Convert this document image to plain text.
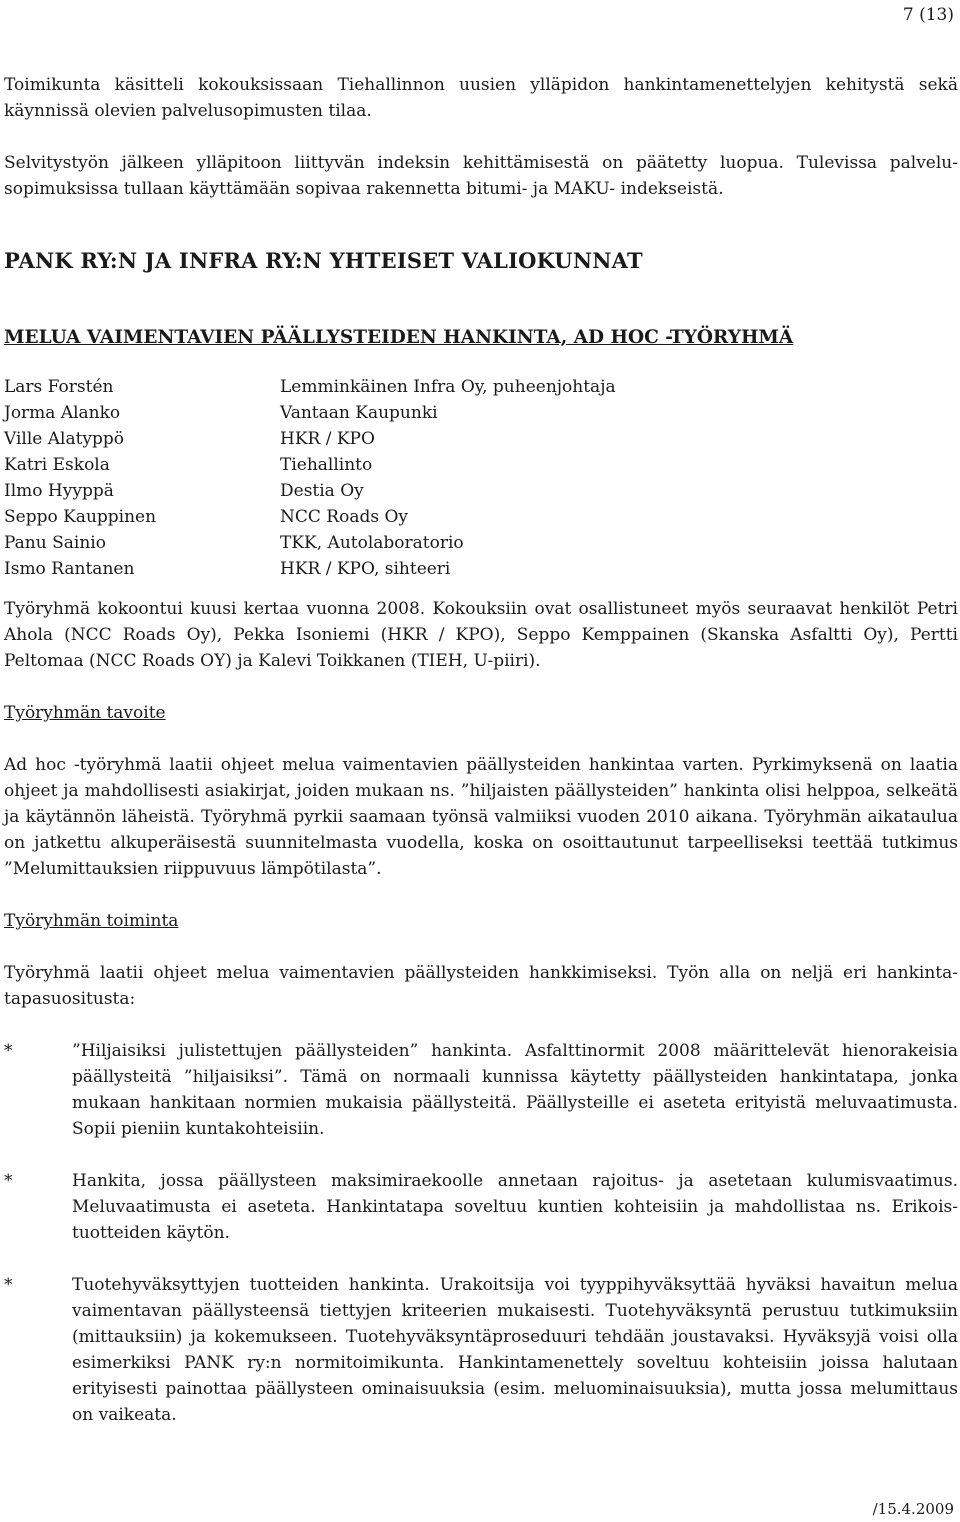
7 (13)

Toimikunta käsitteli kokouksissaan Tiehallinnon uusien ylläpidon hankintamenettelyjen kehitystä sekä käynnissä olevien palvelusopimusten tilaa.

Selvitystyön jälkeen ylläpitoon liittyvän indeksin kehittämisestä on päätetty luopua. Tulevissa palvelu-sopimuksissa tullaan käyttämään sopivaa rakennetta bitumi- ja MAKU- indekseistä.

PANK RY:N JA INFRA RY:N YHTEISET VALIOKUNNAT
MELUA VAIMENTAVIEN PÄÄLLYSTEIDEN HANKINTA, AD HOC -TYÖRYHMÄ
Lars Forstén	Lemminkäinen Infra Oy, puheenjohtaja
Jorma Alanko	Vantaan Kaupunki
Ville Alatyppö	HKR / KPO
Katri Eskola	Tiehallinto
Ilmo Hyyppä	Destia Oy
Seppo Kauppinen	NCC Roads Oy
Panu Sainio	TKK, Autolaboratorio
Ismo Rantanen	HKR / KPO, sihteeri

Työryhmä kokoontui kuusi kertaa vuonna 2008. Kokouksiin ovat osallistuneet myös seuraavat henkilöt Petri Ahola (NCC Roads Oy), Pekka Isoniemi (HKR / KPO), Seppo Kemppainen (Skanska Asfaltti Oy), Pertti Peltomaa (NCC Roads OY) ja Kalevi Toikkanen (TIEH, U-piiri).

Työryhmän tavoite

Ad hoc -työryhmä laatii ohjeet melua vaimentavien päällysteiden hankintaa varten. Pyrkimyksenä on laatia ohjeet ja mahdollisesti asiakirjat, joiden mukaan ns. ”hiljaisten päällysteiden” hankinta olisi helppoa, selkeätä ja käytännön läheistä. Työryhmä pyrkii saamaan työnsä valmiiksi vuoden 2010 aikana. Työryhmän aikataulua on jatkettu alkuperäisestä suunnitelmasta vuodella, koska on osoittautunut tarpeelliseksi teettää tutkimus ”Melumittauksien riippuvuus lämpötilasta”.

Työryhmän toiminta

Työryhmä laatii ohjeet melua vaimentavien päällysteiden hankkimiseksi. Työn alla on neljä eri hankinta-tapasuositusta:

*	”Hiljaisiksi julistettujen päällysteiden” hankinta. Asfalttinormit 2008 määrittelevät hienorakeisia päällysteitä ”hiljaisiksi”. Tämä on normaali kunnissa käytetty päällysteiden hankintatapa, jonka mukaan hankitaan normien mukaisia päällysteitä. Päällysteille ei aseteta erityistä meluvaatimusta. Sopii pieniin kuntakohteisiin.
*	Hankita, jossa päällysteen maksimiraekoolle annetaan rajoitus- ja asetetaan kulumisvaatimus. Meluvaatimusta ei aseteta. Hankintatapa soveltuu kuntien kohteisiin ja mahdollistaa ns. Erikois-tuotteiden käytön.
*	Tuotehyväksyttyjen tuotteiden hankinta. Urakoitsija voi tyyppihyväksyttää hyväksi havaitun melua vaimentavan päällysteensä tiettyjen kriteerien mukaisesti. Tuotehyväksyntä perustuu tutkimuksiin (mittauksiin) ja kokemukseen. Tuotehyväksyntäproseduuri tehdään joustavaksi. Hyväksyjä voisi olla esimerkiksi PANK ry:n normitoimikunta. Hankintamenettely soveltuu kohteisiin joissa halutaan erityisesti painottaa päällysteen ominaisuuksia (esim. meluominaisuuksia), mutta jossa melumittaus on vaikeata.
/15.4.2009
